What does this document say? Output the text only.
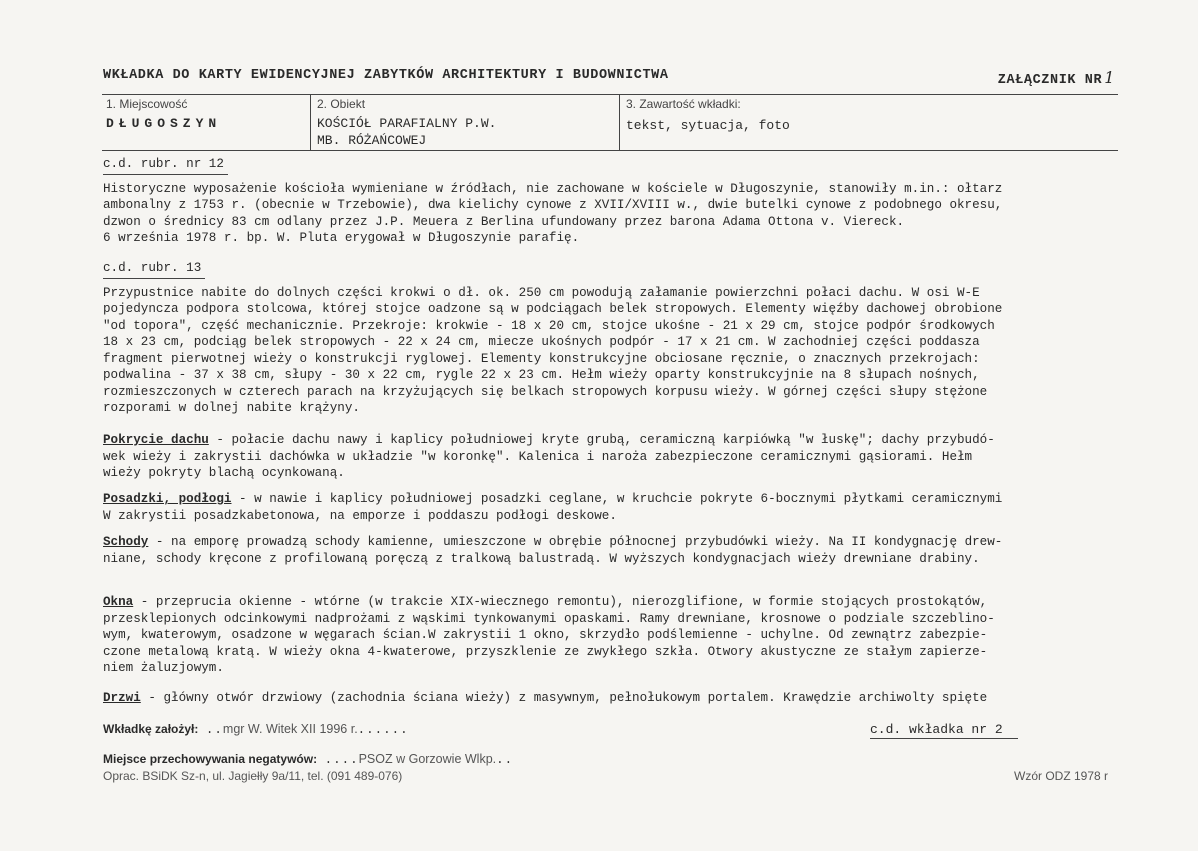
WKŁADKA DO KARTY EWIDENCYJNEJ ZABYTKÓW ARCHITEKTURY I BUDOWNICTWA	ZAŁĄCZNIK NR 1
1. Miejscowość
DŁUGOSZYN
2. Obiekt
KOŚCIÓŁ PARAFIALNY P.W.
MB. RÓŻAŃCOWEJ
3. Zawartość wkładki:
tekst, sytuacja, foto

c.d. rubr. nr 12

Historyczne wyposażenie kościoła wymieniane w źródłach, nie zachowane w kościele w Długoszynie, stanowiły m.in.: ołtarz

ambonalny z 1753 r. (obecnie w Trzebowie), dwa kielichy cynowe z XVII/XVIII w., dwie butelki cynowe z podobnego okresu,

dzwon o średnicy 83 cm odlany przez J.P. Meuera z Berlina ufundowany przez barona Adama Ottona v. Viereck.

6 września 1978 r. bp. W. Pluta erygował w Długoszynie parafię.

c.d. rubr. 13

Przypustnice nabite do dolnych części krokwi o dł. ok. 250 cm powodują załamanie powierzchni połaci dachu. W osi W-E

pojedyncza podpora stolcowa, której stojce oadzone są w podciągach belek stropowych. Elementy więźby dachowej obrobione

"od topora", część mechanicznie. Przekroje: krokwie - 18 x 20 cm, stojce ukośne - 21 x 29 cm, stojce podpór środkowych

18 x 23 cm, podciąg belek stropowych - 22 x 24 cm, miecze ukośnych podpór - 17 x 21 cm. W zachodniej części poddasza

fragment pierwotnej wieży o konstrukcji ryglowej. Elementy konstrukcyjne obciosane ręcznie, o znacznych przekrojach:

podwalina - 37 x 38 cm, słupy - 30 x 22 cm, rygle 22 x 23 cm. Hełm wieży oparty konstrukcyjnie na 8 słupach nośnych,

rozmieszczonych w czterech parach na krzyżujących się belkach stropowych korpusu wieży. W górnej części słupy stężone

rozporami w dolnej nabite krążyny.

Pokrycie dachu - połacie dachu nawy i kaplicy południowej kryte grubą, ceramiczną karpiówką "w łuskę"; dachy przybudó-

wek wieży i zakrystii dachówka w układzie "w koronkę". Kalenica i naroża zabezpieczone ceramicznymi gąsiorami. Hełm

wieży pokryty blachą ocynkowaną.

Posadzki, podłogi - w nawie i kaplicy południowej posadzki ceglane, w kruchcie pokryte 6-bocznymi płytkami ceramicznymi

W zakrystii posadzkabetonowa, na emporze i poddaszu podłogi deskowe.

Schody - na emporę prowadzą schody kamienne, umieszczone w obrębie północnej przybudówki wieży. Na II kondygnację drew-

niane, schody kręcone z profilowaną poręczą z tralkową balustradą. W wyższych kondygnacjach wieży drewniane drabiny.

Okna - przeprucia okienne - wtórne (w trakcie XIX-wiecznego remontu), nierozglifione, w formie stojących prostokątów,

przesklepionych odcinkowymi nadprożami z wąskimi tynkowanymi opaskami. Ramy drewniane, krosnowe o podziale szczeblino-

wym, kwaterowym, osadzone w węgarach ścian.W zakrystii 1 okno, skrzydło podślemienne - uchylne. Od zewnątrz zabezpie-

czone metalową kratą. W wieży okna 4-kwaterowe, przyszklenie ze zwykłego szkła. Otwory akustyczne ze stałym zapierze-

niem żaluzjowym.

Drzwi - główny otwór drzwiowy (zachodnia ściana wieży) z masywnym, pełnołukowym portalem. Krawędzie archiwolty spięte

Wkładkę założył: ..mgr W. Witek XII 1996 r.......	c.d. wkładka nr 2
Miejsce przechowywania negatywów: ....PSOZ w Gorzowie Wlkp...
Oprac. BSiDK Sz-n, ul. Jagiełły 9a/11, tel. (091 489-076)	Wzór ODZ 1978 r
